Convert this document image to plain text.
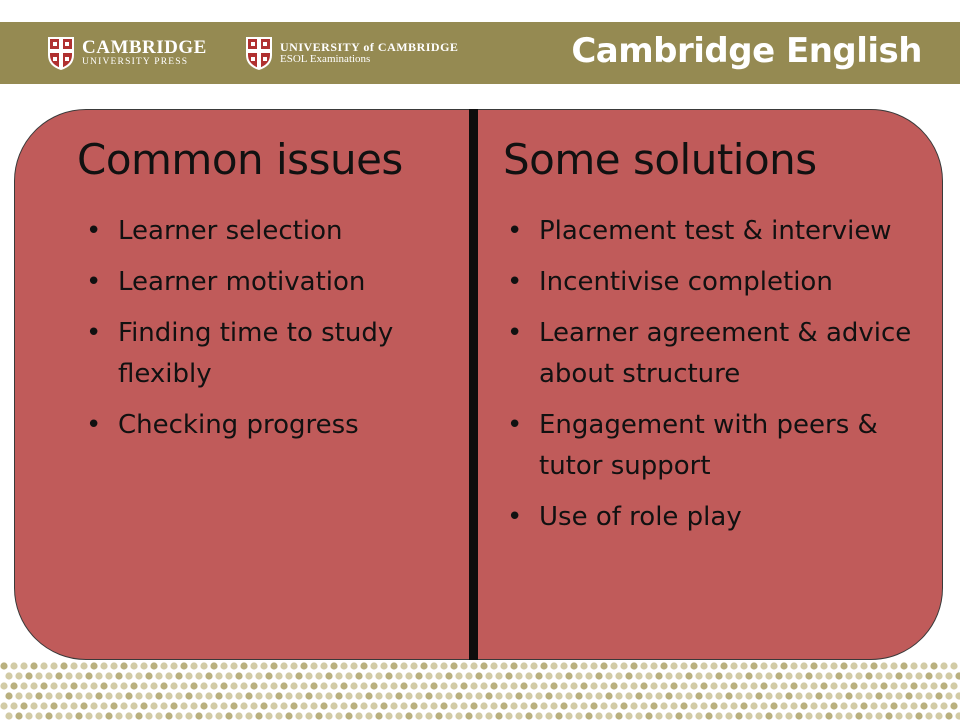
CAMBRIDGE
UNIVERSITY PRESS
UNIVERSITY of CAMBRIDGE
ESOL Examinations	Cambridge English
Common issues Some solutions
• Learner selection
• Learner motivation
• Finding time to study flexibly
• Checking progress
• Placement test & interview
• Incentivise completion
• Learner agreement & advice about structure
• Engagement with peers & tutor support
• Use of role play
